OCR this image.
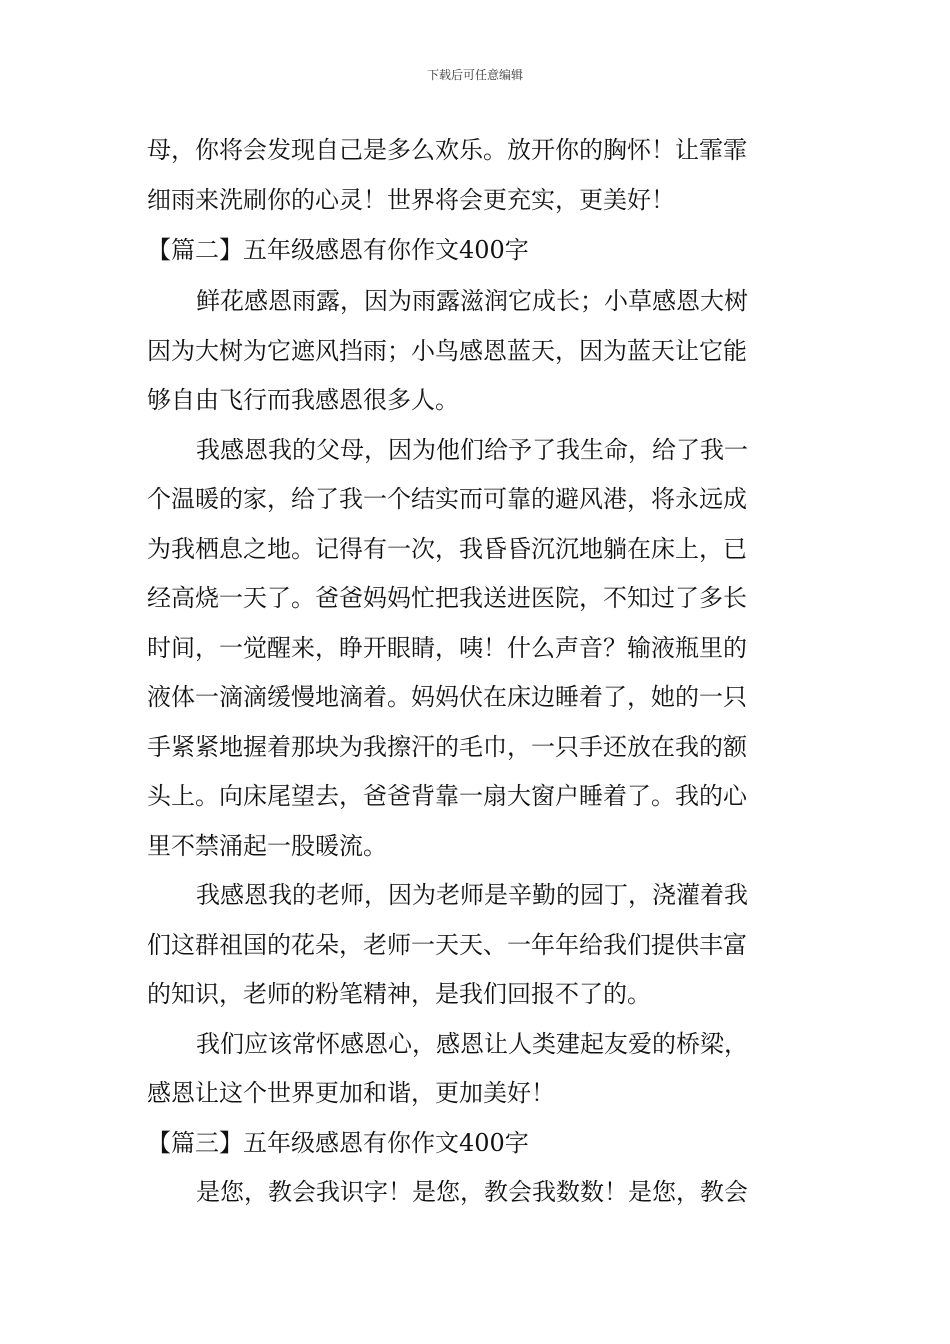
下载后可任意编辑
母，你将会发现自己是多么欢乐。放开你的胸怀！让霏霏
细雨来洗刷你的心灵！世界将会更充实，更美好！
【篇二】五年级感恩有你作文400字
鲜花感恩雨露，因为雨露滋润它成长；小草感恩大树
因为大树为它遮风挡雨；小鸟感恩蓝天，因为蓝天让它能
够自由飞行而我感恩很多人。
我感恩我的父母，因为他们给予了我生命，给了我一
个温暖的家，给了我一个结实而可靠的避风港，将永远成
为我栖息之地。记得有一次，我昏昏沉沉地躺在床上，已
经高烧一天了。爸爸妈妈忙把我送进医院，不知过了多长
时间，一觉醒来，睁开眼睛，咦！什么声音？输液瓶里的
液体一滴滴缓慢地滴着。妈妈伏在床边睡着了，她的一只
手紧紧地握着那块为我擦汗的毛巾，一只手还放在我的额
头上。向床尾望去，爸爸背靠一扇大窗户睡着了。我的心
里不禁涌起一股暖流。
我感恩我的老师，因为老师是辛勤的园丁，浇灌着我
们这群祖国的花朵，老师一天天、一年年给我们提供丰富
的知识，老师的粉笔精神，是我们回报不了的。
我们应该常怀感恩心，感恩让人类建起友爱的桥梁，
感恩让这个世界更加和谐，更加美好！
【篇三】五年级感恩有你作文400字
是您，教会我识字！是您，教会我数数！是您，教会
